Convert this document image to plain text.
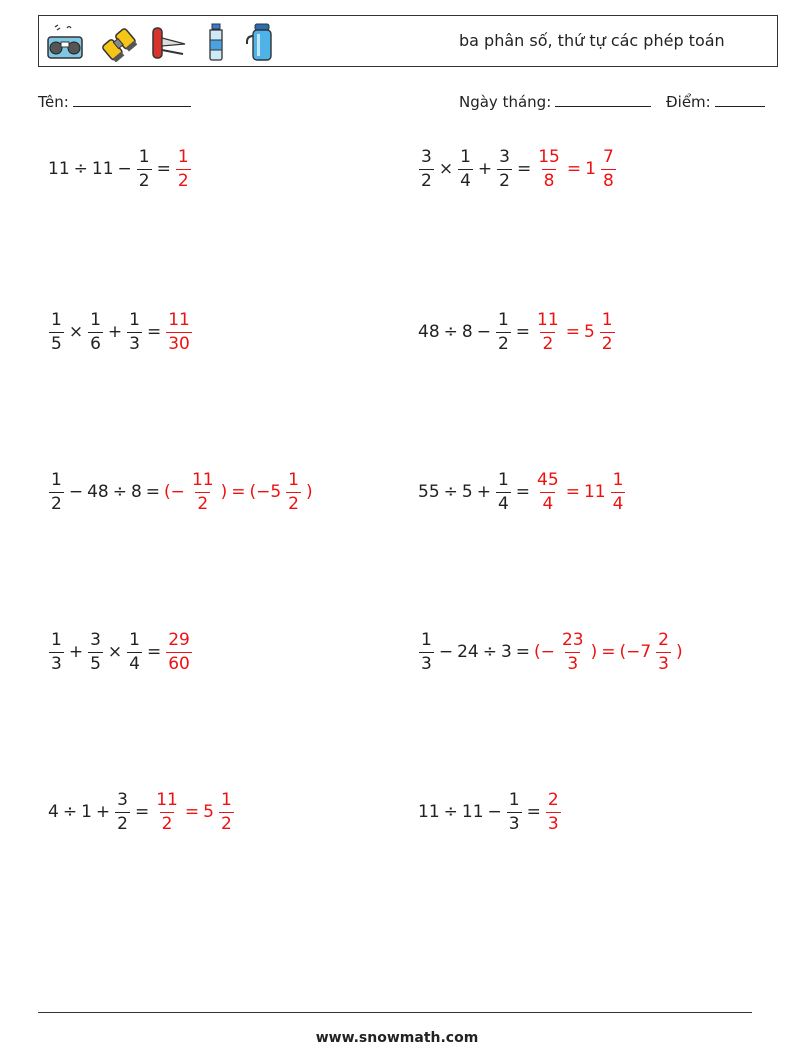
ba phân số, thứ tự các phép toán
Tên:	Ngày tháng:	Điểm:
$11 \div 11 - \frac{1}{2} = \frac{1}{2}$	$\frac{3}{2} \times \frac{1}{4} + \frac{3}{2} = \frac{15}{8} = 1 \frac{7}{8}$
$\frac{1}{5} \times \frac{1}{6} + \frac{1}{3} = \frac{11}{30}$	$48 \div 8 - \frac{1}{2} = \frac{11}{2} = 5 \frac{1}{2}$
$\frac{1}{2} - 48 \div 8$ = (− $\frac{11}{2}$ ) = ($-5 \frac{1}{2}$ )	$55 \div 5 + \frac{1}{4} = \frac{45}{4} = 11 \frac{1}{4}$
$\frac{1}{3} + \frac{3}{5} \times \frac{1}{4} = \frac{29}{60}$	$\frac{1}{3} - 24 \div 3$ = (− $\frac{23}{3}$ ) = ($-7 \frac{2}{3}$ )
$4 \div 1 + \frac{3}{2} = \frac{11}{2} = 5 \frac{1}{2}$	$11 \div 11 - \frac{1}{3} = \frac{2}{3}$
www.snowmath.com
